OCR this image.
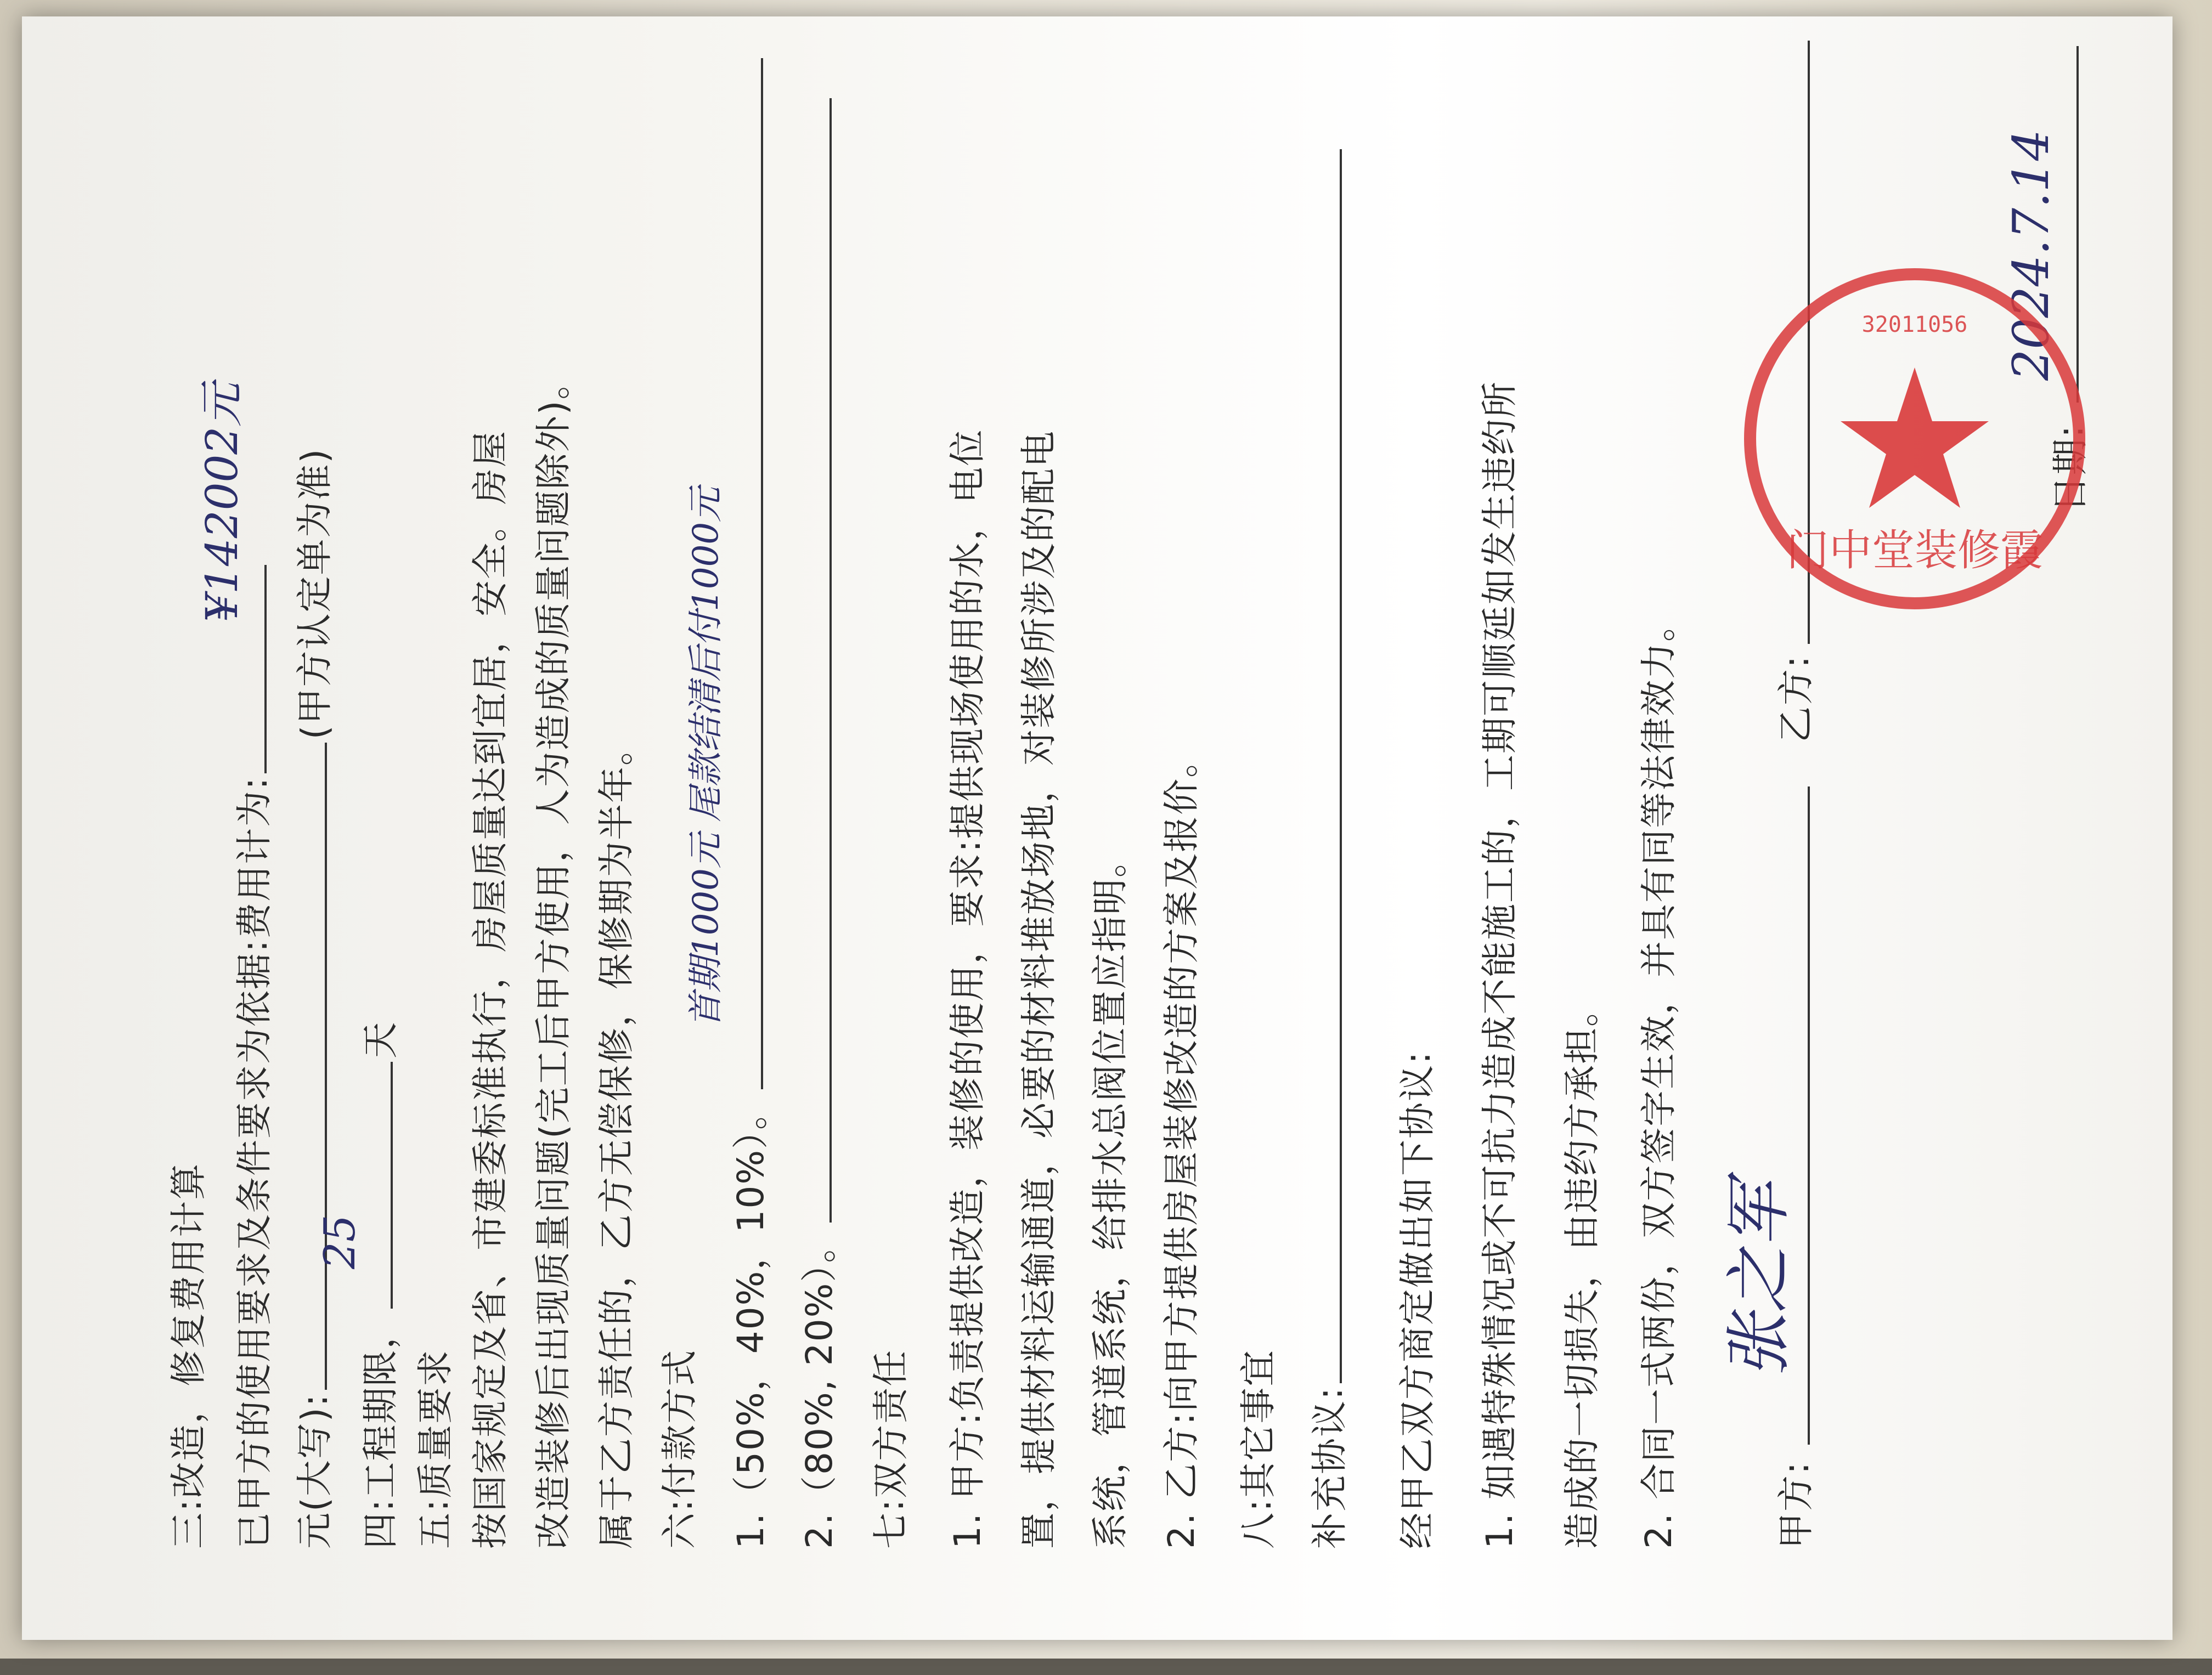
三:改造，修复费用计算 已甲方的使用要求及条件要求为依据:费用计为:
¥142002元
元(大写):(甲方认定单为准)
四:工程期限，天
25
五:质量要求 按国家规定及省、市建委标准执行，房屋质量达到宜居，安全。房屋 改造装修后出现质量问题(完工后甲方使用，人为造成的质量问题除外)。 属于乙方责任的，乙方无偿保修，保修期为半年。 六:付款方式 1.（50%，40%，10%）。
首期1000元 尾款结清后付1000元
2.（80%, 20%）。 七:双方责任 1. 甲方:负责提供改造，装修的使用，要求:提供现场使用的水，电位 置，提供材料运输通道，必要的材料堆放场地，对装修所涉及的配电 系统，管道系统，给排水总阀位置应指明。 2. 乙方:向甲方提供房屋装修改造的方案及报价。 八:其它事宜 补充协议: 经甲乙双方商定做出如下协议: 1. 如遇特殊情况或不可抗力造成不能施工的，工期可顺延如发生违约所 造成的一切损失，由违约方承担。 2. 合同一式两份，双方签字生效，并具有同等法律效力。	甲方:
张之军
乙方:
日期:
2024.7.14
门中堂装修霞
32011056
